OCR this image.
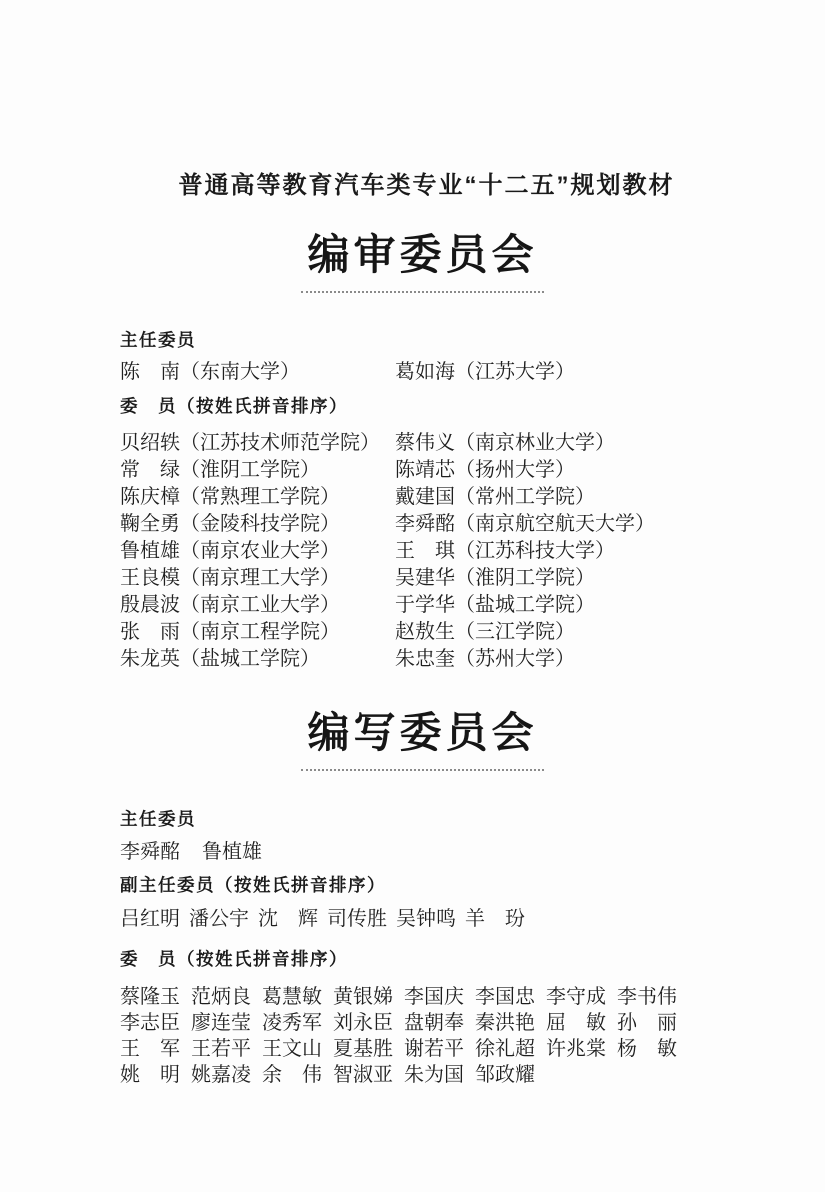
普通高等教育汽车类专业“十二五”规划教材
编审委员会
主任委员
陈　南（东南大学）	葛如海（江苏大学）
委　员（按姓氏拼音排序）
贝绍轶（江苏技术师范学院）
常　绿（淮阴工学院）
陈庆樟（常熟理工学院）
鞠全勇（金陵科技学院）
鲁植雄（南京农业大学）
王良模（南京理工大学）
殷晨波（南京工业大学）
张　雨（南京工程学院）
朱龙英（盐城工学院）
蔡伟义（南京林业大学）
陈靖芯（扬州大学）
戴建国（常州工学院）
李舜酩（南京航空航天大学）
王　琪（江苏科技大学）
吴建华（淮阴工学院）
于学华（盐城工学院）
赵敖生（三江学院）
朱忠奎（苏州大学）
编写委员会
主任委员
李舜酩 鲁植雄
副主任委员（按姓氏拼音排序）
吕红明 潘公宇 沈　辉 司传胜 吴钟鸣 羊　玢
委　员（按姓氏拼音排序）
蔡隆玉 范炳良 葛慧敏 黄银娣 李国庆 李国忠 李守成 李书伟
李志臣 廖连莹 凌秀军 刘永臣 盘朝奉 秦洪艳 屈　敏 孙　丽
王　军 王若平 王文山 夏基胜 谢若平 徐礼超 许兆棠 杨　敏
姚　明 姚嘉凌 余　伟 智淑亚 朱为国 邹政耀
